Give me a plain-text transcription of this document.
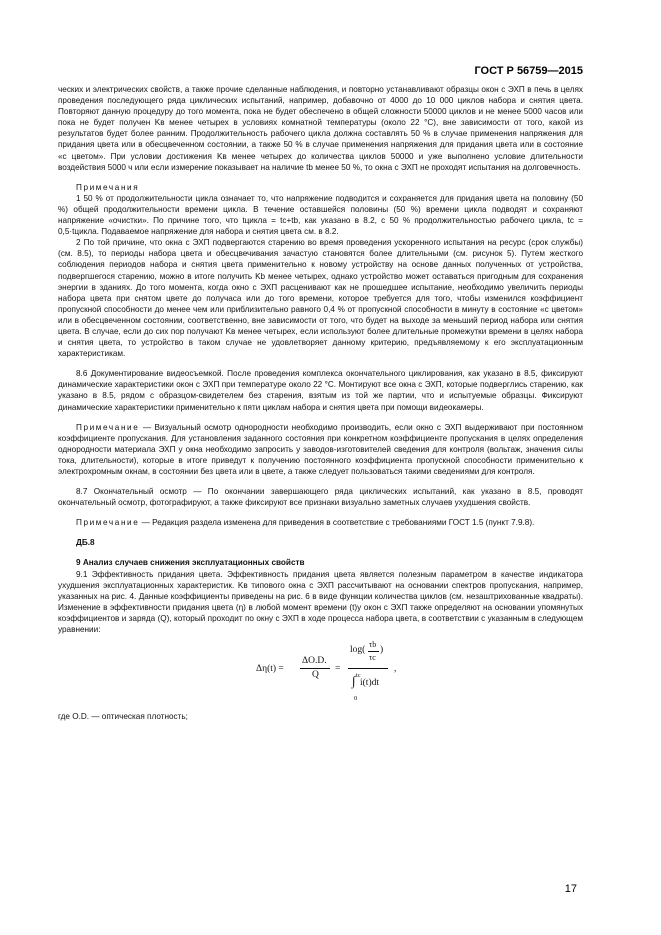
ГОСТ Р 56759—2015

ческих и электрических свойств, а также прочие сделанные наблюдения, и повторно устанавливают образцы окон с ЭХП в печь в целях проведения последующего ряда циклических испытаний, например, добавочно от 4000 до 10 000 циклов набора и снятия цвета. Повторяют данную процедуру до того момента, пока не будет обеспечено в общей сложности 50000 циклов и не менее 5000 часов или пока не будет получен Kв менее четырех в условиях комнатной температуры (около 22 °C), вне зависимости от того, какой из результатов будет более ранним. Продолжительность рабочего цикла должна составлять 50 % в случае применения напряжения для придания цвета или в обесцвеченном состоянии, а также 50 % в случае применения напряжения для придания цвета или в состояние «с цветом». При условии достижения Kв менее четырех до количества циклов 50000 и уже выполнено условие длительности воздействия 5000 ч или если измерение показывает на наличие tb менее 50 %, то окна с ЭХП не проходят испытания на долговечность.

Примечания

1 50 % от продолжительности цикла означает то, что напряжение подводится и сохраняется для придания цвета на половину (50 %) общей продолжительности времени цикла. В течение оставшейся половины (50 %) времени цикла подводят и сохраняют напряжение «очистки». По причине того, что tцикла = tc+tb, как указано в 8.2, с 50 % продолжительностью рабочего цикла, tc = 0,5·tцикла. Подаваемое напряжение для набора и снятия цвета см. в 8.2.

2 По той причине, что окна с ЭХП подвергаются старению во время проведения ускоренного испытания на ресурс (срок службы) (см. 8.5), то периоды набора цвета и обесцвечивания зачастую становятся более длительными (см. рисунок 5). Путем жесткого соблюдения периодов набора и снятия цвета применительно к новому устройству на основе данных полученных от устройства, подвергшегося старению, можно в итоге получить Kb менее четырех, однако устройство может оставаться пригодным для сохранения энергии в зданиях. До того момента, когда окно с ЭХП расценивают как не прошедшее испытание, необходимо увеличить периоды набора цвета при снятом цвете до получаса или до того времени, которое требуется для того, чтобы изменился коэффициент пропускной способности до менее чем или приблизительно равного 0,4 % от пропускной способности в минуту в состояние «с цветом» или в обесцвеченном состоянии, соответственно, вне зависимости от того, что будет на выходе за меньший период набора или снятия цвета. В случае, если до сих пор получают Kв менее четырех, если используют более длительные промежутки времени в целях набора и снятия цвета, то устройство в таком случае не удовлетворяет данному критерию, предъявляемому к его эксплуатационным характеристикам.

8.6 Документирование видеосъемкой. После проведения комплекса окончательного циклирования, как указано в 8.5, фиксируют динамические характеристики окон с ЭХП при температуре около 22 °C. Монтируют все окна с ЭХП, которые подверглись старению, как указано в 8.5, рядом с образцом-свидетелем без старения, взятым из той же партии, что и испытуемые образцы. Фиксируют динамические характеристики применительно к пяти циклам набора и снятия цвета при помощи видеокамеры.

Примечание — Визуальный осмотр однородности необходимо производить, если окно с ЭХП выдерживают при постоянном коэффициенте пропускания. Для установления заданного состояния при конкретном коэффициенте пропускания в целях определения однородности материала ЭХП у окна необходимо запросить у заводов-изготовителей сведения для контроля (вольтаж, значения силы тока, длительности), которые в итоге приведут к получению постоянного коэффициента пропускной способности применительно к электрохромным окнам, в состоянии без цвета или в цвете, а также следует пользоваться такими сведениями для контроля.

8.7 Окончательный осмотр — По окончании завершающего ряда циклических испытаний, как указано в 8.5, проводят окончательный осмотр, фотографируют, а также фиксируют все признаки визуально заметных случаев ухудшения свойств.

Примечание — Редакция раздела изменена для приведения в соответствие с требованиями ГОСТ 1.5 (пункт 7.9.8).

ДБ.8

9 Анализ случаев снижения эксплуатационных свойств

9.1 Эффективность придания цвета. Эффективность придания цвета является полезным параметром в качестве индикатора ухудшения эксплуатационных характеристик. Kв типового окна с ЭХП рассчитывают на основании спектров пропускания, например, указанных на рис. 4. Данные коэффициенты приведены на рис. 6 в виде функции количества циклов (см. незаштрихованные квадраты). Изменение в эффективности придания цвета (η) в любой момент времени (t)у окон с ЭХП также определяют на основании упомянутых коэффициентов и заряда (Q), который проходит по окну с ЭХП в ходе процесса набора цвета, в соответствии с указанным в следующем уравнении:

Δη(t) =
ΔO.D.
Q
=
log(
τb
τc
)
tc
∫ i(t)dt
0
,

где O.D. — оптическая плотность;

17
